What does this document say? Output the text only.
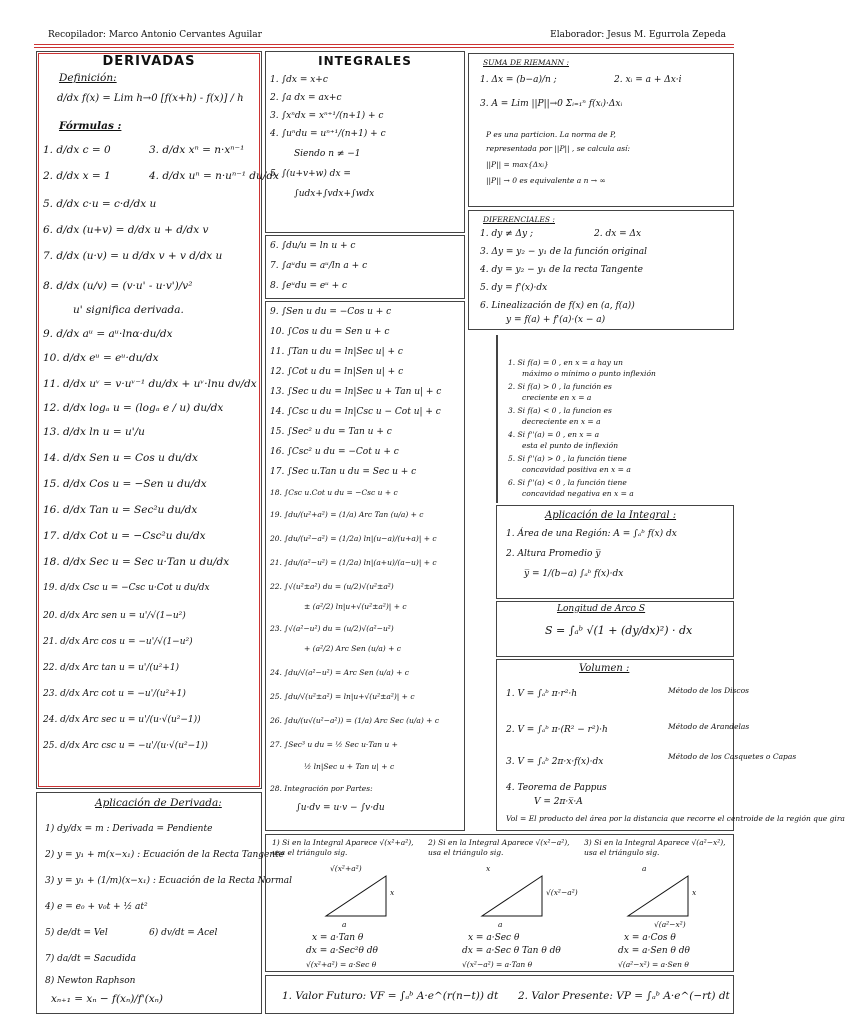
Recopilador: Marco Antonio Cervantes Aguilar	Elaborador: Jesus M. Egurrola Zepeda
DERIVADAS
Definición:
d/dx f(x) = Lim h→0 [f(x+h) - f(x)] / h
Fórmulas :
1. d/dx c = 0	3. d/dx xⁿ = n·xⁿ⁻¹
2. d/dx x = 1	4. d/dx uⁿ = n·uⁿ⁻¹ du/dx
5. d/dx c·u = c·d/dx u
6. d/dx (u+v) = d/dx u + d/dx v
7. d/dx (u·v) = u d/dx v + v d/dx u
8. d/dx (u/v) = (v·u' - u·v')/v²
u' significa derivada.
9. d/dx aᵘ = aᵘ·lnα·du/dx
10. d/dx eᵘ = eᵘ·du/dx
11. d/dx uᵛ = v·uᵛ⁻¹ du/dx + uᵛ·lnu dv/dx
12. d/dx logₐ u = (logₐ e / u) du/dx
13. d/dx ln u = u'/u
14. d/dx Sen u = Cos u du/dx
15. d/dx Cos u = −Sen u du/dx
16. d/dx Tan u = Sec²u du/dx
17. d/dx Cot u = −Csc²u du/dx
18. d/dx Sec u = Sec u·Tan u du/dx
19. d/dx Csc u = −Csc u·Cot u du/dx
20. d/dx Arc sen u = u'/√(1−u²)
21. d/dx Arc cos u = −u'/√(1−u²)
22. d/dx Arc tan u = u'/(u²+1)
23. d/dx Arc cot u = −u'/(u²+1)
24. d/dx Arc sec u = u'/(u·√(u²−1))
25. d/dx Arc csc u = −u'/(u·√(u²−1))
Aplicación de Derivada:
1) dy/dx = m : Derivada = Pendiente
2) y = y₁ + m(x−x₁) : Ecuación de la Recta Tangente
3) y = y₁ + (1/m)(x−x₁) : Ecuación de la Recta Normal
4) e = e₀ + v₀t + ½ at²
5) de/dt = Vel	6) dv/dt = Acel
7) da/dt = Sacudida
8) Newton Raphson
xₙ₊₁ = xₙ − f(xₙ)/f'(xₙ)
INTEGRALES	SUMA DE RIEMANN :
DIFERENCIALES :
Aplicación de la Integral :
Longitud de Arco S
S = ∫ₐᵇ √(1 + (dy/dx)²) · dx
Volumen :
1. Valor Futuro: VF = ∫ₐᵇ A·e^(r(n−t)) dt 2. Valor Presente: VP = ∫ₐᵇ A·e^(−rt) dt
1. ∫dx = x+c
2. ∫a dx = ax+c
3. ∫xⁿdx = xⁿ⁺¹/(n+1) + c
4. ∫uⁿdu = uⁿ⁺¹/(n+1) + c
Siendo n ≠ −1
5. ∫(u+v+w) dx =
∫udx+∫vdx+∫wdx
6. ∫du/u = ln u + c
7. ∫aᵘdu = aᵘ/ln a + c
8. ∫eᵘdu = eᵘ + c
9. ∫Sen u du = −Cos u + c
10. ∫Cos u du = Sen u + c
11. ∫Tan u du = ln|Sec u| + c
12. ∫Cot u du = ln|Sen u| + c
13. ∫Sec u du = ln|Sec u + Tan u| + c
14. ∫Csc u du = ln|Csc u − Cot u| + c
15. ∫Sec² u du = Tan u + c
16. ∫Csc² u du = −Cot u + c
17. ∫Sec u.Tan u du = Sec u + c
18. ∫Csc u.Cot u du = −Csc u + c
19. ∫du/(u²+a²) = (1/a) Arc Tan (u/a) + c
20. ∫du/(u²−a²) = (1/2a) ln|(u−a)/(u+a)| + c
21. ∫du/(a²−u²) = (1/2a) ln|(a+u)/(a−u)| + c
22. ∫√(u²±a²) du = (u/2)√(u²±a²)
± (a²/2) ln|u+√(u²±a²)| + c
23. ∫√(a²−u²) du = (u/2)√(a²−u²)
+ (a²/2) Arc Sen (u/a) + c
24. ∫du/√(a²−u²) = Arc Sen (u/a) + c
25. ∫du/√(u²±a²) = ln|u+√(u²±a²)| + c
26. ∫du/(u√(u²−a²)) = (1/a) Arc Sec (u/a) + c
27. ∫Sec³ u du = ½ Sec u·Tan u +
½ ln|Sec u + Tan u| + c
28. Integración por Partes:
∫u·dv = u·v − ∫v·du
1. Δx = (b−a)/n ;	2. xᵢ = a + Δx·i
3. A = Lim ||P||→0 Σᵢ₌₁ⁿ f(xᵢ)·Δxᵢ
P es una particion. La norma de P,
representada por ||P|| , se calcula así:
||P|| = max{Δxᵢ}
||P|| → 0 es equivalente a n → ∞
1. dy ≠ Δy ;	2. dx = Δx
3. Δy = y₂ − y₁ de la función original
4. dy = y₂ − y₁ de la recta Tangente
5. dy = f'(x)·dx
6. Linealización de f(x) en (a, f(a))
y = f(a) + f'(a)·(x − a)
1. Si f(a) = 0 , en x = a hay un
máximo o mínimo o punto inflexión
2. Si f(a) > 0 , la función es
creciente en x = a
3. Si f(a) < 0 , la funcion es
decreciente en x = a
4. Si f''(a) = 0 , en x = a
esta el punto de inflexión
5. Si f''(a) > 0 , la función tiene
concavidad positiva en x = a
6. Si f''(a) < 0 , la función tiene
concavidad negativa en x = a
1. Área de una Región: A = ∫ₐᵇ f(x) dx
2. Altura Promedio y̅
y̅ = 1/(b−a) ∫ₐᵇ f(x)·dx
1. V = ∫ₐᵇ π·r²·h	Método de los Discos
2. V = ∫ₐᵇ π·(R² − r²)·h	Método de Arandelas
3. V = ∫ₐᵇ 2π·x·f(x)·dx
Método de los Casquetes o Capas
4. Teorema de Pappus
V = 2π·x̅·A
Vol = El producto del área por la distancia que recorre el centroide de la región que gira
1) Si en la Integral Aparece √(x²+a²), usa el triángulo sig.
√(x²+a²)
x
a
x = a·Tan θ
dx = a·Sec²θ dθ
√(x²+a²) = a·Sec θ
2) Si en la Integral Aparece √(x²−a²), usa el triángulo sig.
x
√(x²−a²)
a
x = a·Sec θ
dx = a·Sec θ Tan θ dθ
√(x²−a²) = a·Tan θ
3) Si en la Integral Aparece √(a²−x²), usa el triángulo sig.
a
x
√(a²−x²)
x = a·Cos θ
dx = a·Sen θ dθ
√(a²−x²) = a·Sen θ
